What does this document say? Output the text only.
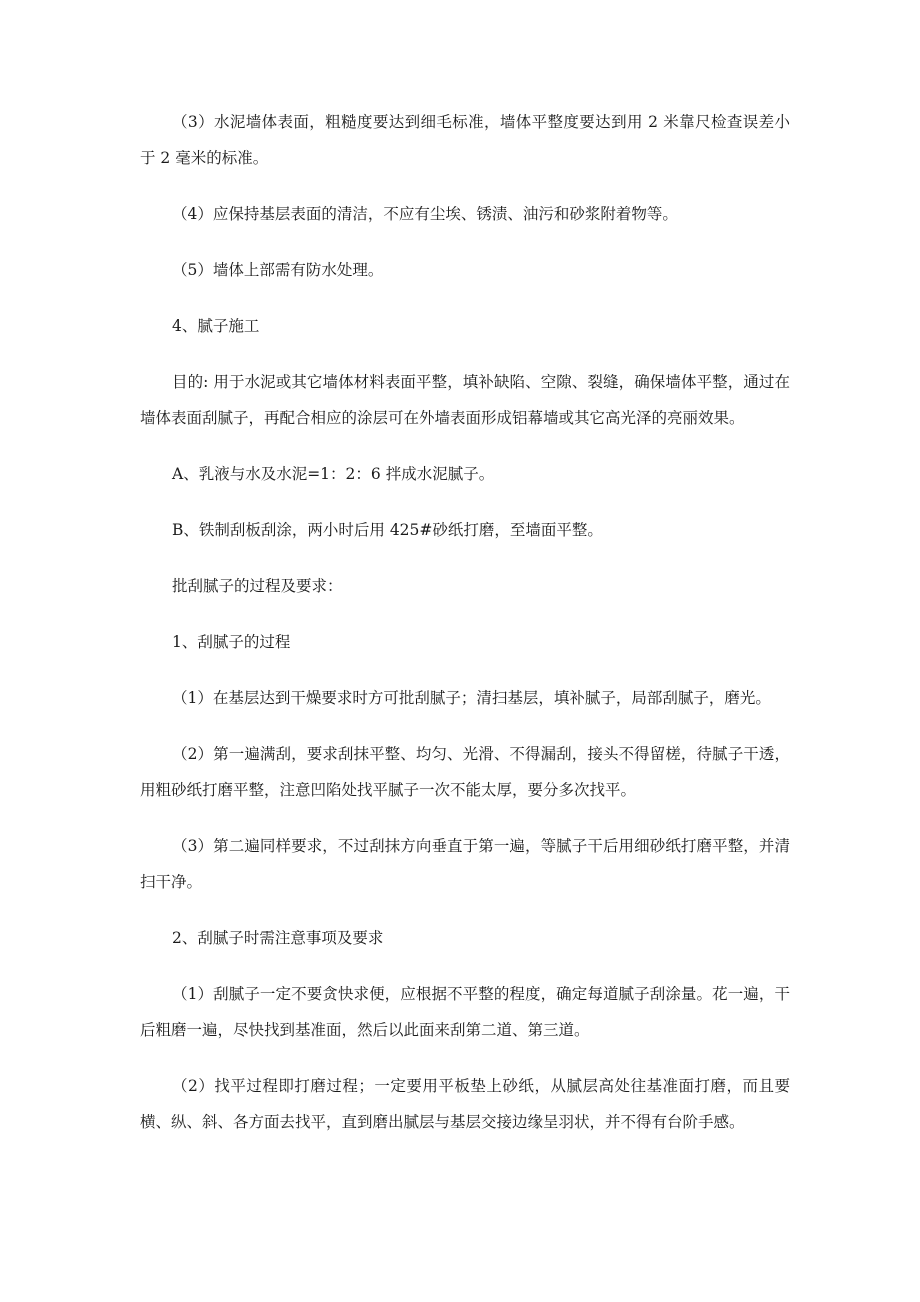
（3）水泥墙体表面，粗糙度要达到细毛标准，墙体平整度要达到用 2 米靠尺检查误差小于 2 毫米的标准。

（4）应保持基层表面的清洁，不应有尘埃、锈渍、油污和砂浆附着物等。

（5）墙体上部需有防水处理。

4、腻子施工

目的: 用于水泥或其它墙体材料表面平整，填补缺陷、空隙、裂缝，确保墙体平整，通过在墙体表面刮腻子，再配合相应的涂层可在外墙表面形成铝幕墙或其它高光泽的亮丽效果。

A、乳液与水及水泥=1：2：6 拌成水泥腻子。

B、铁制刮板刮涂，两小时后用 425#砂纸打磨，至墙面平整。

批刮腻子的过程及要求：

1、刮腻子的过程

（1）在基层达到干燥要求时方可批刮腻子；清扫基层，填补腻子，局部刮腻子，磨光。

（2）第一遍满刮，要求刮抹平整、均匀、光滑、不得漏刮，接头不得留槎，待腻子干透，用粗砂纸打磨平整，注意凹陷处找平腻子一次不能太厚，要分多次找平。

（3）第二遍同样要求，不过刮抹方向垂直于第一遍，等腻子干后用细砂纸打磨平整，并清扫干净。

2、刮腻子时需注意事项及要求

（1）刮腻子一定不要贪快求便，应根据不平整的程度，确定每道腻子刮涂量。花一遍，干后粗磨一遍，尽快找到基准面，然后以此面来刮第二道、第三道。

（2）找平过程即打磨过程；一定要用平板垫上砂纸，从腻层高处往基准面打磨，而且要横、纵、斜、各方面去找平，直到磨出腻层与基层交接边缘呈羽状，并不得有台阶手感。
